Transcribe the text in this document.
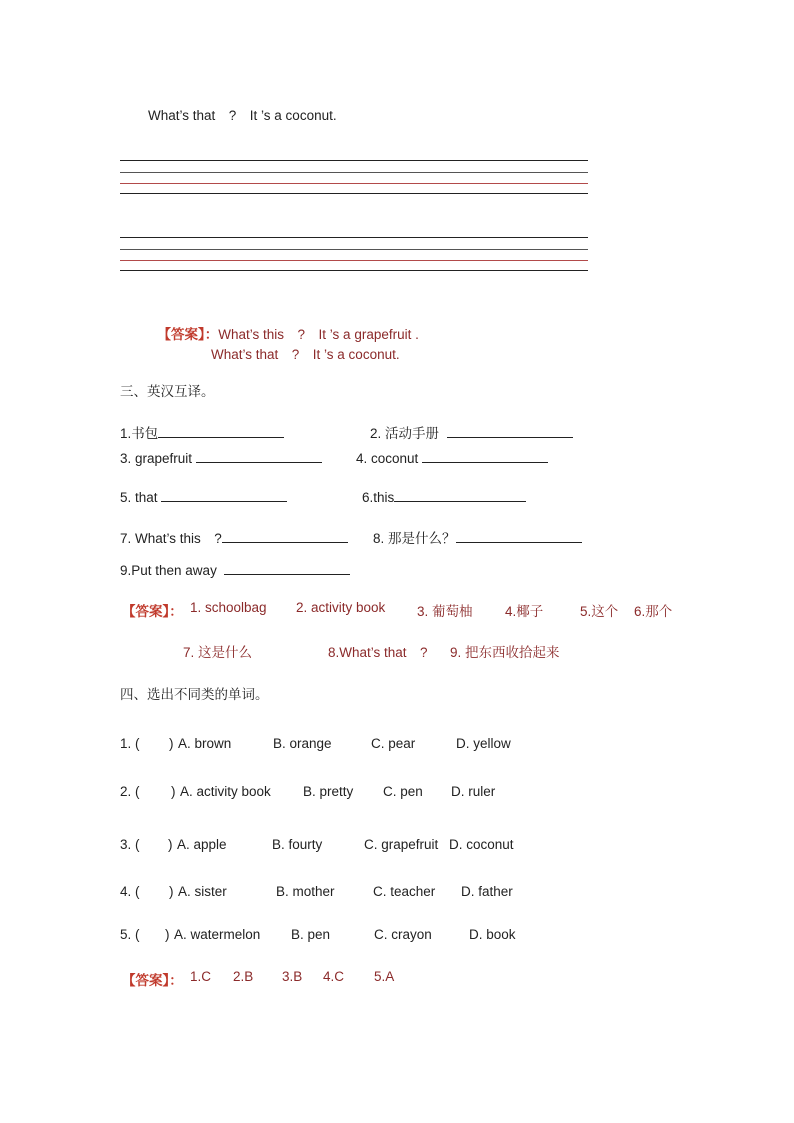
What’s that　?　It ’s a coconut.

【答案】：What’s this　?　It ’s a grapefruit .

What’s that　?　It ’s a coconut.
三、英汉互译。
1.书包	2. 活动手册
3. grapefruit	4. coconut
5. that	6.this
7. What’s this　?	8. 那是什么？
9.Put then away
【答案】： 1. schoolbag 2. activity book 3. 葡萄柚 4.椰子	5.这个 6.那个
7. 这是什么	8.What’s that　? 9. 把东西收拾起来
四、选出不同类的单词。
1. ( ) A. brown	B. orange	C. pear	D. yellow
2. ( ) A. activity book B. pretty C. pen D. ruler
3. ( ) A. apple	B. fourty	C. grapefruit D. coconut
4. ( ) A. sister	B. mother	C. teacher D. father
5. ( ) A. watermelon B. pen	C. crayon	D. book
【答案】： 1.C 2.B 3.B 4.C 5.A
